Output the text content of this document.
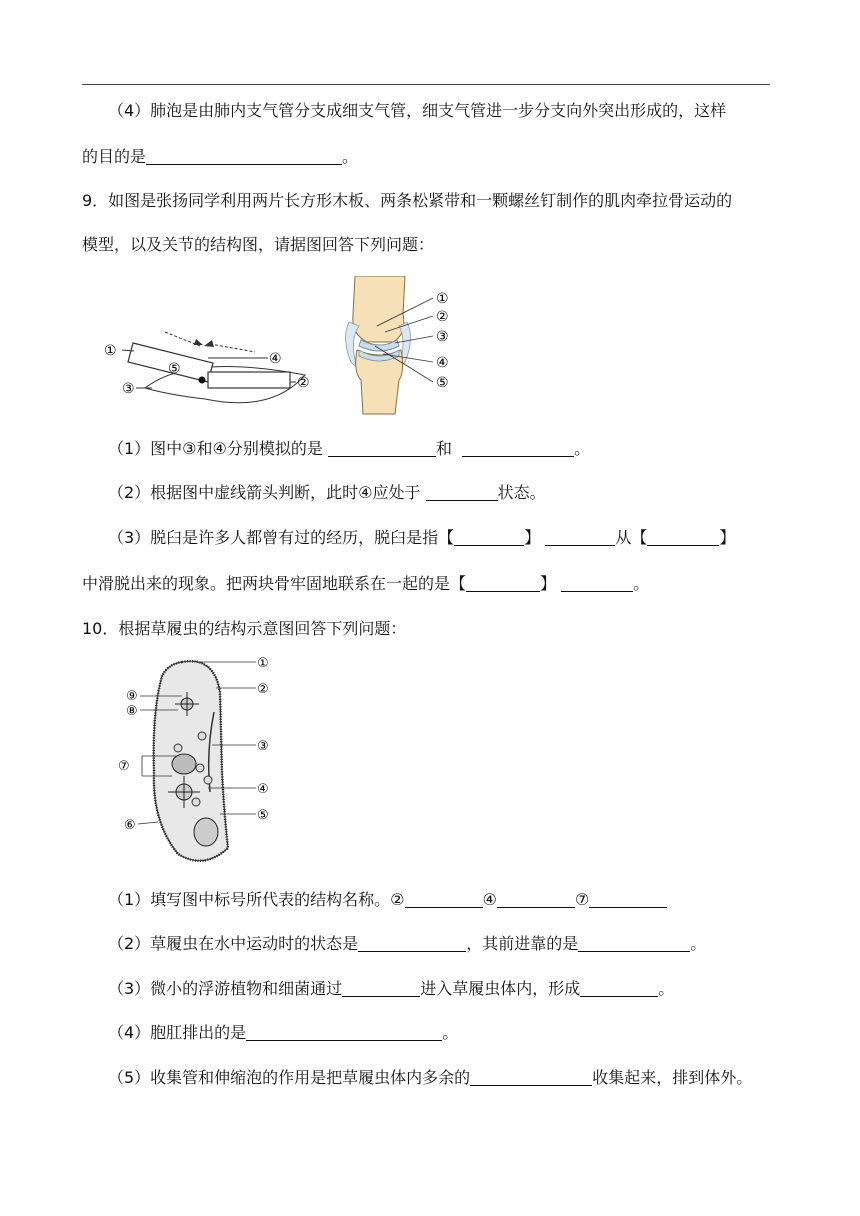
（4）肺泡是由肺内支气管分支成细支气管，细支气管进一步分支向外突出形成的，这样
的目的是	。
9．如图是张扬同学利用两片长方形木板、两条松紧带和一颗螺丝钉制作的肌肉牵拉骨运动的
模型，以及关节的结构图，请据图回答下列问题：
①
⑤
③
④
②
①
②
③
④
⑤
（1）图中③和④分别模拟的是	和	。
（2）根据图中虚线箭头判断，此时④应处于	状态。
（3）脱臼是许多人都曾有过的经历，脱臼是指【	】	从【	】
中滑脱出来的现象。把两块骨牢固地联系在一起的是【	】	。
10．根据草履虫的结构示意图回答下列问题：
①
②
③
④
⑤
⑥
⑦
⑧
⑨
（1）填写图中标号所代表的结构名称。②	④	⑦
（2）草履虫在水中运动时的状态是	，其前进靠的是	。
（3）微小的浮游植物和细菌通过	进入草履虫体内，形成	。
（4）胞肛排出的是	。
（5）收集管和伸缩泡的作用是把草履虫体内多余的	收集起来，排到体外。
